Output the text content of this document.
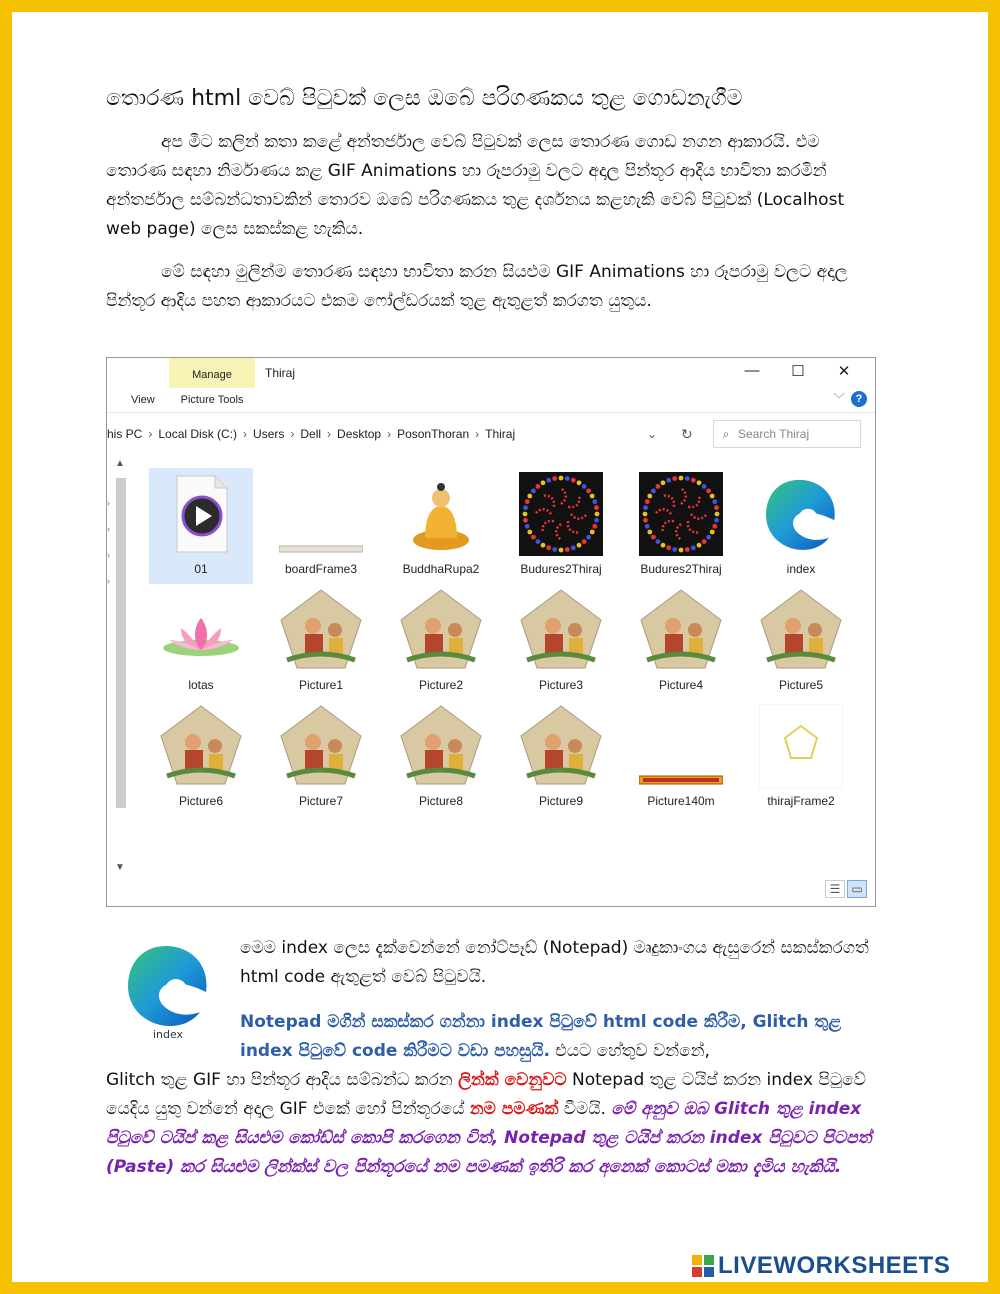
තොරණ html වෙබ් පිටුවක් ලෙස ඔබේ පරිගණකය තුළ ගොඩනැගීම
අප මීට කලින් කතා කළේ අන්තර්ජාල වෙබ් පිටුවක් ලෙස තොරණ ගොඩ නගන ආකාරයි. එම තොරණ සඳහා නිර්මාණය කළ GIF Animations හා රූපරාමු වලට අදාල පින්තූර ආදිය භාවිතා කරමින් අන්තර්ජාල සම්බන්ධතාවකින් තොරව ඔබේ පරිගණකය තුළ දර්ශනය කළහැකි වෙබ් පිටුවක් (Localhost web page) ලෙස සකස්කළ හැකිය.
මේ සඳහා මුලින්ම තොරණ සඳහා භාවිතා කරන සියළුම GIF Animations හා රූපරාමු වලට අදාල පින්තූර ආදිය පහත ආකාරයට එකම ෆෝල්ඩරයක් තුළ ඇතුළත් කරගත යුතුය.
Manage
Picture Tools
View
Thiraj	—	☐	✕
﹀ ?
his PC › Local Disk (C:) › Users › Dell › Desktop › PosonThoran › Thiraj	⌄ ↻	⌕ Search Thiraj
›
›
›
›
▲
▼
01	boardFrame3	BuddhaRupa2	Budures2Thiraj	Budures2Thiraj	index
lotas	Picture1	Picture2	Picture3	Picture4	Picture5
Picture6	Picture7	Picture8	Picture9	Picture140m	thirajFrame2
☰ ▭
index
මෙම index ලෙස දැක්වෙන්නේ නෝට්පෑඩ් (Notepad) මෘදුකාංගය ඇසුරෙන් සකස්කරගත් html code ඇතුළත් වෙබ් පිටුවයි.
Notepad මගින් සකස්කර ගන්නා index පිටුවේ html code කිරීම, Glitch තුළ index පිටුවේ code කිරීමට වඩා පහසුයි. එයට හේතුව වන්නේ,
Glitch තුළ GIF හා පින්තූර ආදිය සම්බන්ධ කරන ලින්ක් වෙනුවට Notepad තුළ ටයිප් කරන index පිටුවේ යෙදිය යුතු වන්නේ අදාල GIF එකේ හෝ පින්තූරයේ නම පමණක් වීමයි. මේ අනුව ඔබ Glitch තුළ index පිටුවේ ටයිප් කළ සියළුම කෝඩ්ස් කොපි කරගෙන විත්, Notepad තුළ ටයිප් කරන index පිටුවට පිටපත් (Paste) කර සියළුම ලින්ක්ස් වල පින්තූරයේ නම පමණක් ඉතිරි කර අනෙක් කොටස් මකා දැමිය හැකියි.
LIVEWORKSHEETS
